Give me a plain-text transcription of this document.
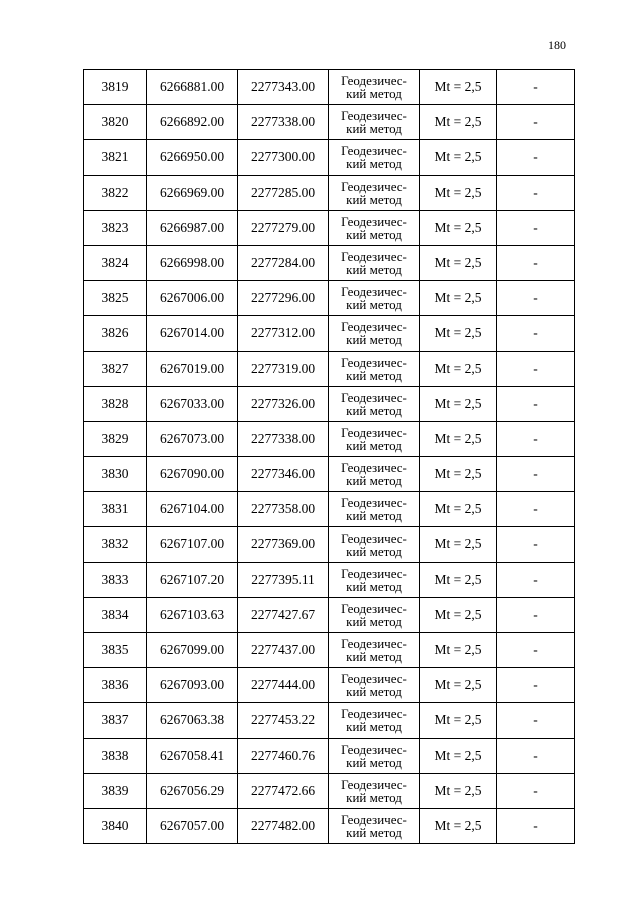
180
3819	6266881.00	2277343.00	Геодезичес-
кий метод	Mt = 2,5	-
3820	6266892.00	2277338.00	Геодезичес-
кий метод	Mt = 2,5	-
3821	6266950.00	2277300.00	Геодезичес-
кий метод	Mt = 2,5	-
3822	6266969.00	2277285.00	Геодезичес-
кий метод	Mt = 2,5	-
3823	6266987.00	2277279.00	Геодезичес-
кий метод	Mt = 2,5	-
3824	6266998.00	2277284.00	Геодезичес-
кий метод	Mt = 2,5	-
3825	6267006.00	2277296.00	Геодезичес-
кий метод	Mt = 2,5	-
3826	6267014.00	2277312.00	Геодезичес-
кий метод	Mt = 2,5	-
3827	6267019.00	2277319.00	Геодезичес-
кий метод	Mt = 2,5	-
3828	6267033.00	2277326.00	Геодезичес-
кий метод	Mt = 2,5	-
3829	6267073.00	2277338.00	Геодезичес-
кий метод	Mt = 2,5	-
3830	6267090.00	2277346.00	Геодезичес-
кий метод	Mt = 2,5	-
3831	6267104.00	2277358.00	Геодезичес-
кий метод	Mt = 2,5	-
3832	6267107.00	2277369.00	Геодезичес-
кий метод	Mt = 2,5	-
3833	6267107.20	2277395.11	Геодезичес-
кий метод	Mt = 2,5	-
3834	6267103.63	2277427.67	Геодезичес-
кий метод	Mt = 2,5	-
3835	6267099.00	2277437.00	Геодезичес-
кий метод	Mt = 2,5	-
3836	6267093.00	2277444.00	Геодезичес-
кий метод	Mt = 2,5	-
3837	6267063.38	2277453.22	Геодезичес-
кий метод	Mt = 2,5	-
3838	6267058.41	2277460.76	Геодезичес-
кий метод	Mt = 2,5	-
3839	6267056.29	2277472.66	Геодезичес-
кий метод	Mt = 2,5	-
3840	6267057.00	2277482.00	Геодезичес-
кий метод	Mt = 2,5	-
